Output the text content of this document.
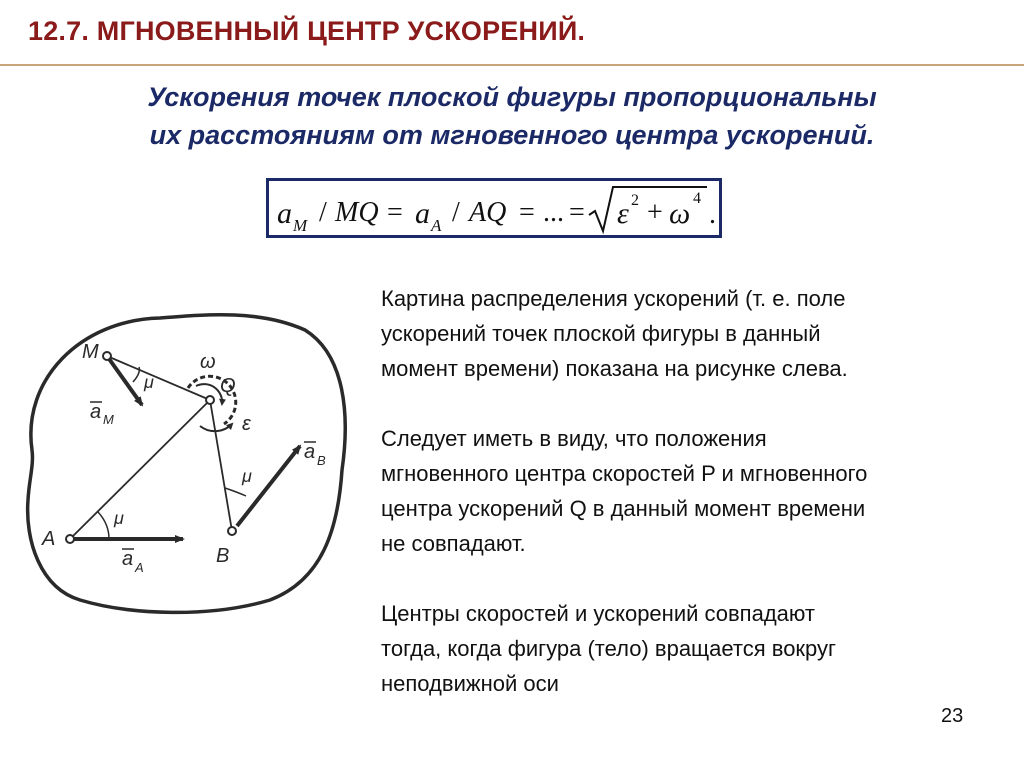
12.7. МГНОВЕННЫЙ ЦЕНТР УСКОРЕНИЙ.
Ускорения точек плоской фигуры пропорциональны
их расстояниям от мгновенного центра ускорений.
a M / MQ = a A / AQ = ... = ε 2 + ω 4
.
M
Q
A
B
ω
ε
μ
μ
μ
a M
a A
a B
Картина распределения ускорений (т. е. поле
ускорений точек плоской фигуры в данный
момент времени) показана на рисунке слева.
Следует иметь в виду, что положения
мгновенного центра скоростей P и мгновенного
центра ускорений Q в данный момент времени
не совпадают.
Центры скоростей и ускорений совпадают
тогда, когда фигура (тело) вращается вокруг
неподвижной оси
23
